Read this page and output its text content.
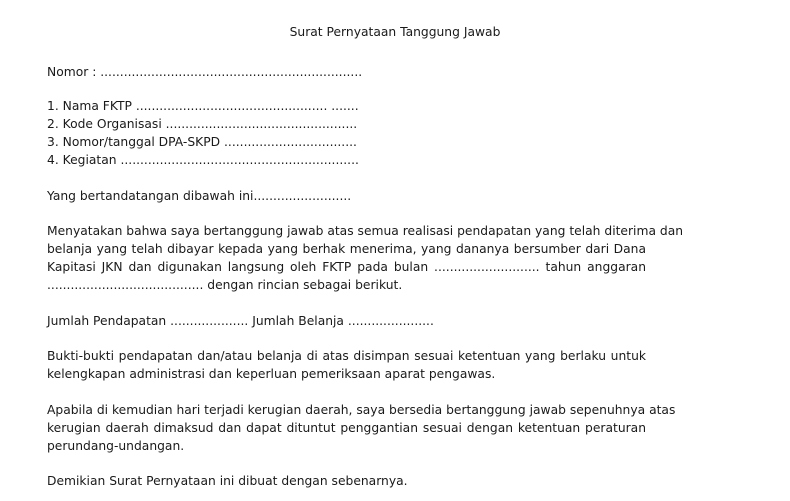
Surat Pernyataan Tanggung Jawab
Nomor : ...................................................................
1. Nama FKTP ................................................. .......
2. Kode Organisasi .................................................
3. Nomor/tanggal DPA-SKPD ..................................
4. Kegiatan .............................................................
Yang bertandatangan dibawah ini.........................
Menyatakan bahwa saya bertanggung jawab atas semua realisasi pendapatan yang telah diterima dan
belanja yang telah dibayar kepada yang berhak menerima, yang dananya bersumber dari Dana
Kapitasi JKN dan digunakan langsung oleh FKTP pada bulan ........................... tahun anggaran
........................................ dengan rincian sebagai berikut.
Jumlah Pendapatan .................... Jumlah Belanja ......................
Bukti-bukti pendapatan dan/atau belanja di atas disimpan sesuai ketentuan yang berlaku untuk
kelengkapan administrasi dan keperluan pemeriksaan aparat pengawas.
Apabila di kemudian hari terjadi kerugian daerah, saya bersedia bertanggung jawab sepenuhnya atas
kerugian daerah dimaksud dan dapat dituntut penggantian sesuai dengan ketentuan peraturan
perundang-undangan.
Demikian Surat Pernyataan ini dibuat dengan sebenarnya.
